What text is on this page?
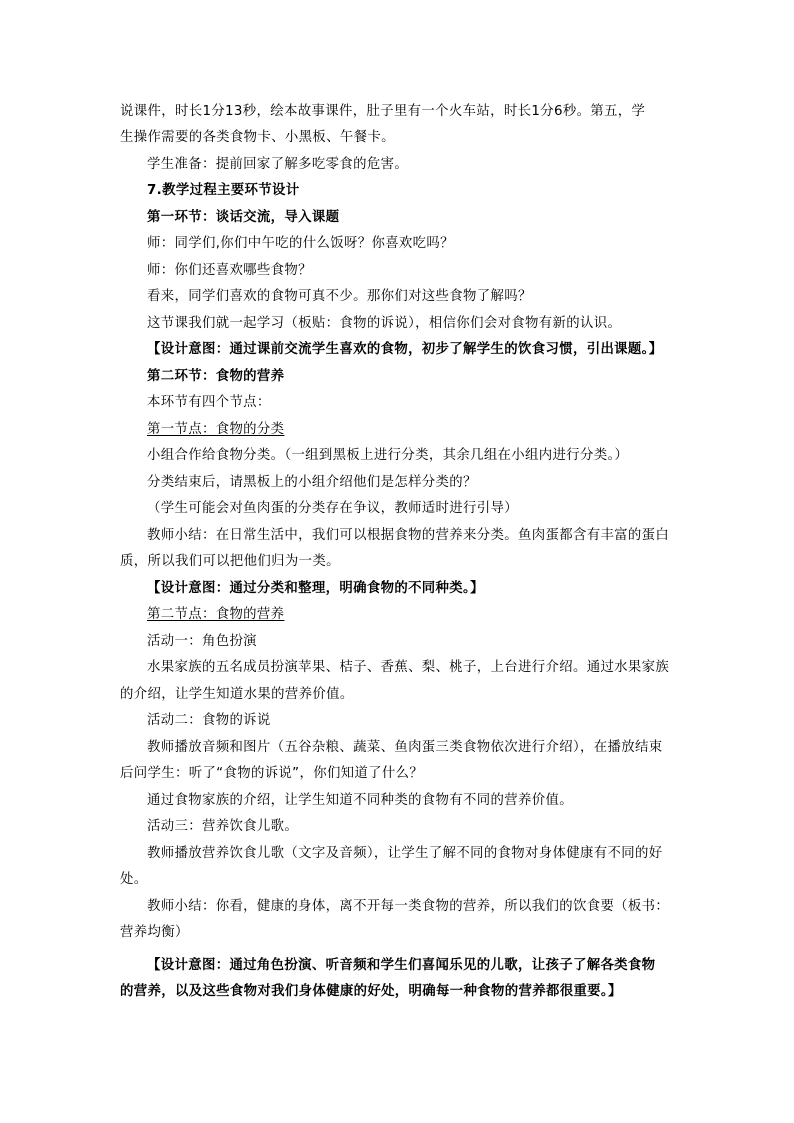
说课件，时长1分13秒，绘本故事课件，肚子里有一个火车站，时长1分6秒。第五，学
生操作需要的各类食物卡、小黑板、午餐卡。
学生准备：提前回家了解多吃零食的危害。
7.教学过程主要环节设计
第一环节：谈话交流，导入课题
师：同学们,你们中午吃的什么饭呀？你喜欢吃吗？
师：你们还喜欢哪些食物？
看来，同学们喜欢的食物可真不少。那你们对这些食物了解吗？
这节课我们就一起学习（板贴：食物的诉说），相信你们会对食物有新的认识。
【设计意图：通过课前交流学生喜欢的食物，初步了解学生的饮食习惯，引出课题。】
第二环节：食物的营养
本环节有四个节点：
第一节点：食物的分类
小组合作给食物分类。（一组到黑板上进行分类，其余几组在小组内进行分类。）
分类结束后，请黑板上的小组介绍他们是怎样分类的？
（学生可能会对鱼肉蛋的分类存在争议，教师适时进行引导）
教师小结：在日常生活中，我们可以根据食物的营养来分类。鱼肉蛋都含有丰富的蛋白
质，所以我们可以把他们归为一类。
【设计意图：通过分类和整理，明确食物的不同种类。】
第二节点：食物的营养
活动一：角色扮演
水果家族的五名成员扮演苹果、桔子、香蕉、梨、桃子，上台进行介绍。通过水果家族
的介绍，让学生知道水果的营养价值。
活动二：食物的诉说
教师播放音频和图片（五谷杂粮、蔬菜、鱼肉蛋三类食物依次进行介绍），在播放结束
后问学生：听了“食物的诉说”，你们知道了什么？
通过食物家族的介绍，让学生知道不同种类的食物有不同的营养价值。
活动三：营养饮食儿歌。
教师播放营养饮食儿歌（文字及音频），让学生了解不同的食物对身体健康有不同的好
处。
教师小结：你看，健康的身体，离不开每一类食物的营养，所以我们的饮食要（板书：
营养均衡）
【设计意图：通过角色扮演、听音频和学生们喜闻乐见的儿歌，让孩子了解各类食物
的营养，以及这些食物对我们身体健康的好处，明确每一种食物的营养都很重要。】
